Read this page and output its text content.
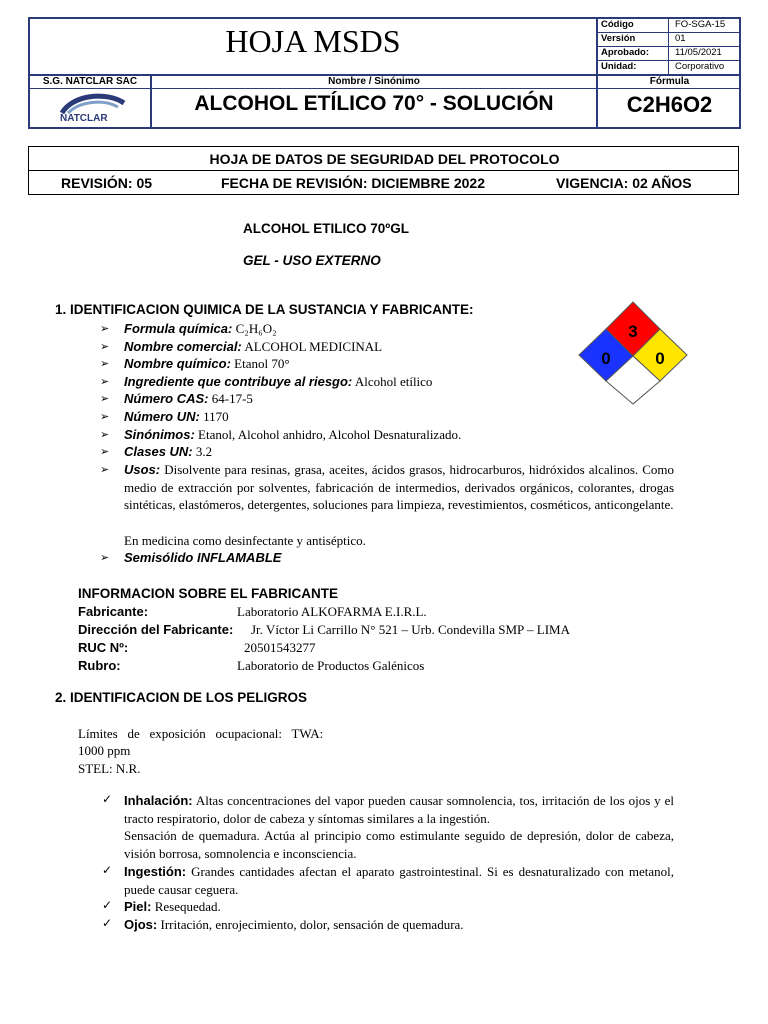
HOJA MSDS	Código	FO-SGA-15
Versión	01
Aprobado:	11/05/2021
Unidad:	Corporativo
S.G. NATCLAR SAC	Nombre / Sinónimo	Fórmula
NATCLAR
ALCOHOL ETÍLICO 70° - SOLUCIÓN	C2H6O2
HOJA DE DATOS DE SEGURIDAD DEL PROTOCOLO
REVISIÓN: 05	FECHA DE REVISIÓN: DICIEMBRE 2022	VIGENCIA: 02 AÑOS
ALCOHOL ETILICO 70ºGL
GEL - USO EXTERNO
3
0	0
1. IDENTIFICACION QUIMICA DE LA SUSTANCIA Y FABRICANTE:
➢ Formula química: C₂H₆O₂
➢ Nombre comercial: ALCOHOL MEDICINAL
➢ Nombre químico: Etanol 70°
➢ Ingrediente que contribuye al riesgo: Alcohol etílico
➢ Número CAS: 64-17-5
➢ Número UN: 1170
➢ Sinónimos: Etanol, Alcohol anhidro, Alcohol Desnaturalizado.
➢ Clases UN: 3.2
➢ Usos: Disolvente para resinas, grasa, aceites, ácidos grasos, hidrocarburos, hidróxidos alcalinos. Como medio de extracción por solventes, fabricación de intermedios, derivados orgánicos, colorantes, drogas sintéticas, elastómeros, detergentes, soluciones para limpieza, revestimientos, cosméticos, anticongelante.
En medicina como desinfectante y antiséptico.
➢ Semisólido INFLAMABLE
INFORMACION SOBRE EL FABRICANTE
Fabricante:	Laboratorio ALKOFARMA E.I.R.L.
Dirección del Fabricante: Jr. Víctor Li Carrillo N° 521 – Urb. Condevilla SMP – LIMA
RUC Nº:	20501543277
Rubro:	Laboratorio de Productos Galénicos
2. IDENTIFICACION DE LOS PELIGROS
Límites   de   exposición   ocupacional:   TWA:
1000 ppm
STEL: N.R.
✓ Inhalación: Altas concentraciones del vapor pueden causar somnolencia, tos, irritación de los ojos y el tracto respiratorio, dolor de cabeza y síntomas similares a la ingestión.
Sensación de quemadura. Actúa al principio como estimulante seguido de depresión, dolor de cabeza, visión borrosa, somnolencia e inconsciencia.
✓ Ingestión: Grandes cantidades afectan el aparato gastrointestinal. Si es desnaturalizado con metanol, puede causar ceguera.
✓ Piel: Resequedad.
✓ Ojos: Irritación, enrojecimiento, dolor, sensación de quemadura.
